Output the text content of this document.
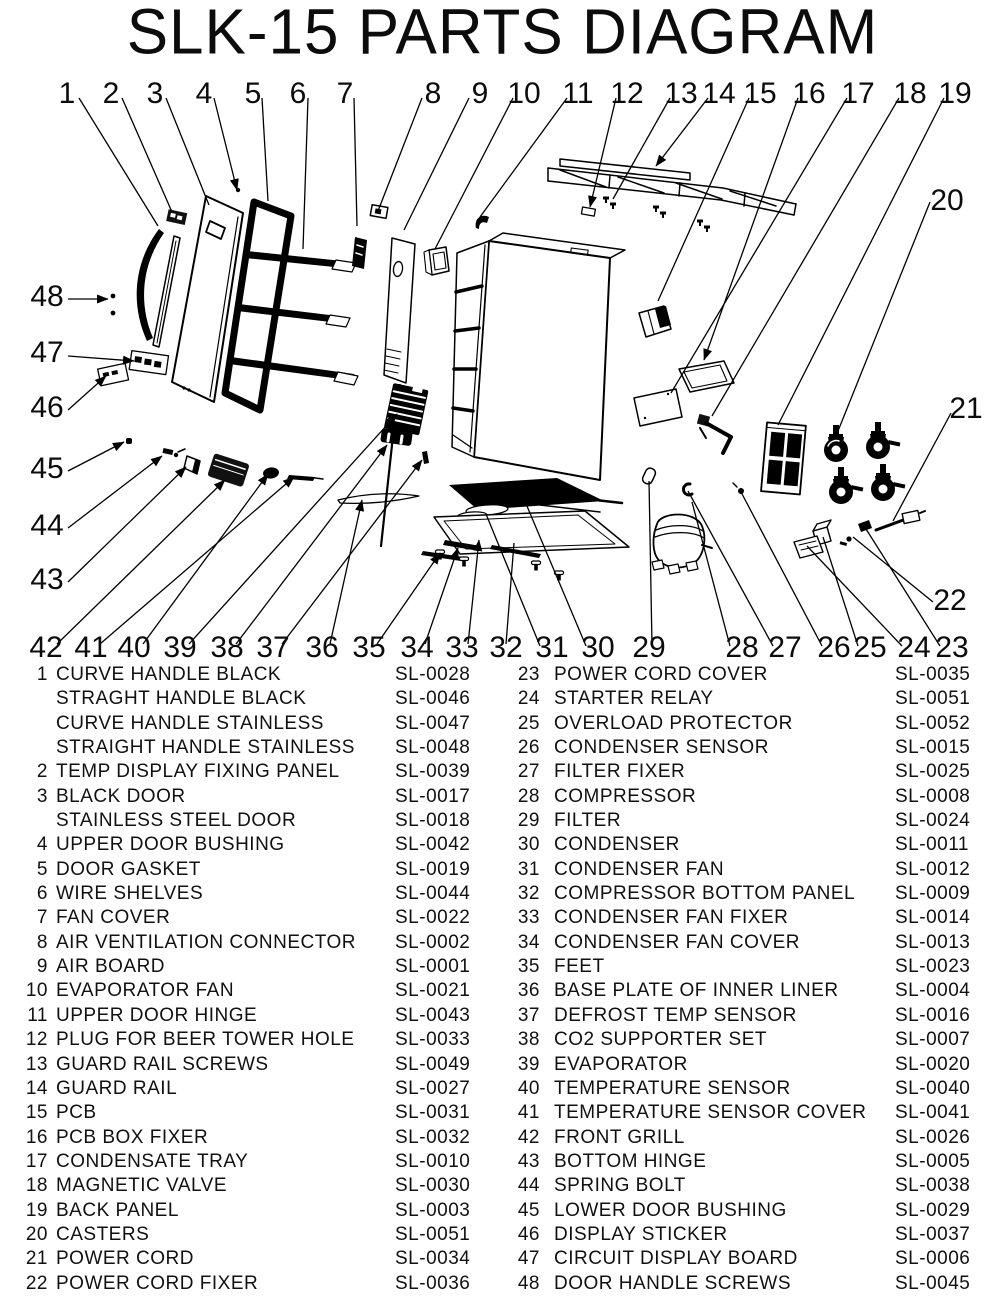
SLK-15 PARTS DIAGRAM
1 2 3 4 5 6 7 8 9 10 11 12 13 14 15 16 17 18 19
20
21
22
23
24
25
26
27
28
29
30
31
32
33
34
35
36
37
38
39
40
41
42
43
44
45
46
47
48
1 CURVE HANDLE BLACK	SL-0028
STRAGHT HANDLE BLACK	SL-0046
CURVE HANDLE STAINLESS	SL-0047
STRAIGHT HANDLE STAINLESS	SL-0048
2 TEMP DISPLAY FIXING PANEL	SL-0039
3 BLACK DOOR	SL-0017
STAINLESS STEEL DOOR	SL-0018
4 UPPER DOOR BUSHING	SL-0042
5 DOOR GASKET	SL-0019
6 WIRE SHELVES	SL-0044
7 FAN COVER	SL-0022
8 AIR VENTILATION CONNECTOR	SL-0002
9 AIR BOARD	SL-0001
10 EVAPORATOR FAN	SL-0021
11 UPPER DOOR HINGE	SL-0043
12 PLUG FOR BEER TOWER HOLE	SL-0033
13 GUARD RAIL SCREWS	SL-0049
14 GUARD RAIL	SL-0027
15 PCB	SL-0031
16 PCB BOX FIXER	SL-0032
17 CONDENSATE TRAY	SL-0010
18 MAGNETIC VALVE	SL-0030
19 BACK PANEL	SL-0003
20 CASTERS	SL-0051
21 POWER CORD	SL-0034
22 POWER CORD FIXER	SL-0036
23 POWER CORD COVER	SL-0035
24 STARTER RELAY	SL-0051
25 OVERLOAD PROTECTOR	SL-0052
26 CONDENSER SENSOR	SL-0015
27 FILTER FIXER	SL-0025
28 COMPRESSOR	SL-0008
29 FILTER	SL-0024
30 CONDENSER	SL-0011
31 CONDENSER FAN	SL-0012
32 COMPRESSOR BOTTOM PANEL	SL-0009
33 CONDENSER FAN FIXER	SL-0014
34 CONDENSER FAN COVER	SL-0013
35 FEET	SL-0023
36 BASE PLATE OF INNER LINER	SL-0004
37 DEFROST TEMP SENSOR	SL-0016
38 CO2 SUPPORTER SET	SL-0007
39 EVAPORATOR	SL-0020
40 TEMPERATURE SENSOR	SL-0040
41 TEMPERATURE SENSOR COVER	SL-0041
42 FRONT GRILL	SL-0026
43 BOTTOM HINGE	SL-0005
44 SPRING BOLT	SL-0038
45 LOWER DOOR BUSHING	SL-0029
46 DISPLAY STICKER	SL-0037
47 CIRCUIT DISPLAY BOARD	SL-0006
48 DOOR HANDLE SCREWS	SL-0045
